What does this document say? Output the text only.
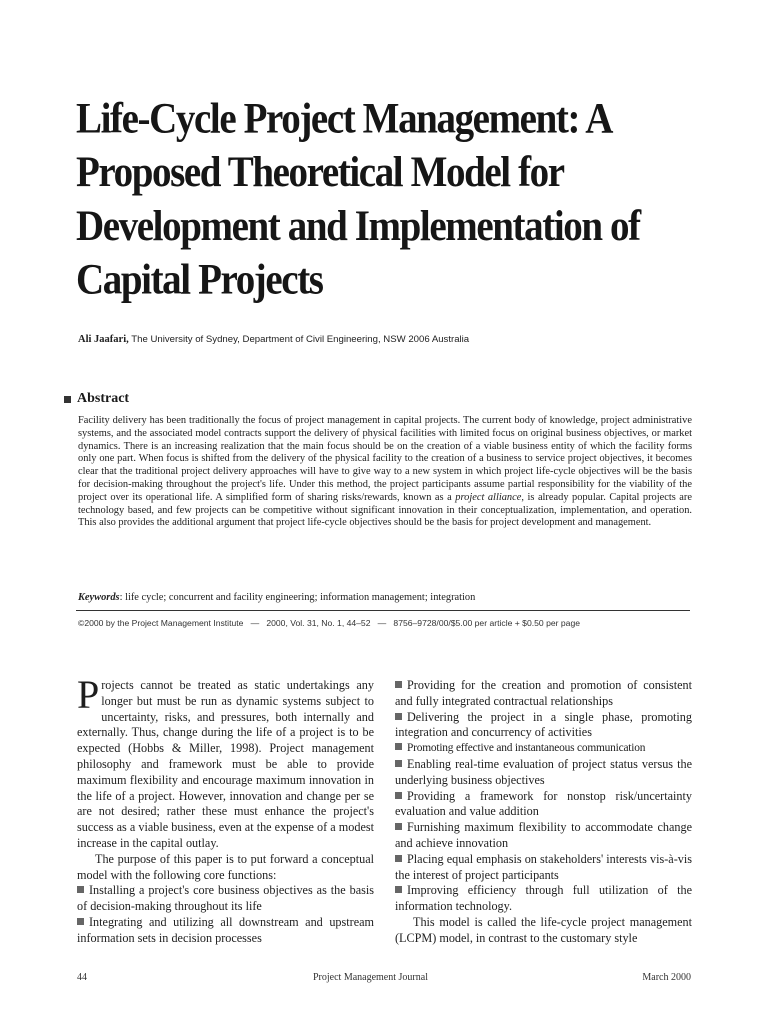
Life-Cycle Project Management: A Proposed Theoretical Model for Development and Implementation of Capital Projects
Ali Jaafari, The University of Sydney, Department of Civil Engineering, NSW 2006 Australia
Abstract

Facility delivery has been traditionally the focus of project management in capital projects. The current body of knowledge, project administrative systems, and the associated model contracts support the delivery of physical facilities with limited focus on original business objectives, or market dynamics. There is an increasing realization that the main focus should be on the creation of a viable business entity of which the facility forms only one part. When focus is shifted from the delivery of the physical facility to the creation of a business to service project objectives, it becomes clear that the traditional project delivery approaches will have to give way to a new system in which project life-cycle objectives will be the basis for decision-making throughout the project's life. Under this method, the project participants assume partial responsibility for the viability of the project over its operational life. A simplified form of sharing risks/rewards, known as a project alliance, is already popular. Capital projects are technology based, and few projects can be competitive without significant innovation in their conceptualization, implementation, and operation. This also provides the additional argument that project life-cycle objectives should be the basis for project development and management.

Keywords: life cycle; concurrent and facility engineering; information management; integration
©2000 by the Project Management Institute   —   2000, Vol. 31, No. 1, 44–52   —   8756–9728/00/$5.00 per article + $0.50 per page

Projects cannot be treated as static undertakings any longer but must be run as dynamic systems subject to uncertainty, risks, and pressures, both internally and externally. Thus, change during the life of a project is to be expected (Hobbs & Miller, 1998). Project management philosophy and framework must be able to provide maximum flexibility and encourage maximum innovation in the life of a project. However, innovation and change per se are not desired; rather these must enhance the project's success as a viable business, even at the expense of a modest increase in the capital outlay.

The purpose of this paper is to put forward a conceptual model with the following core functions:

Installing a project's core business objectives as the basis of decision-making throughout its life
Integrating and utilizing all downstream and upstream information sets in decision processes
Providing for the creation and promotion of consistent and fully integrated contractual relationships
Delivering the project in a single phase, promoting integration and concurrency of activities
Promoting effective and instantaneous communication
Enabling real-time evaluation of project status versus the underlying business objectives
Providing a framework for nonstop risk/uncertainty evaluation and value addition
Furnishing maximum flexibility to accommodate change and achieve innovation
Placing equal emphasis on stakeholders' interests vis-à-vis the interest of project participants
Improving efficiency through full utilization of the information technology.

This model is called the life-cycle project management (LCPM) model, in contrast to the customary style

44	Project Management Journal	March 2000
